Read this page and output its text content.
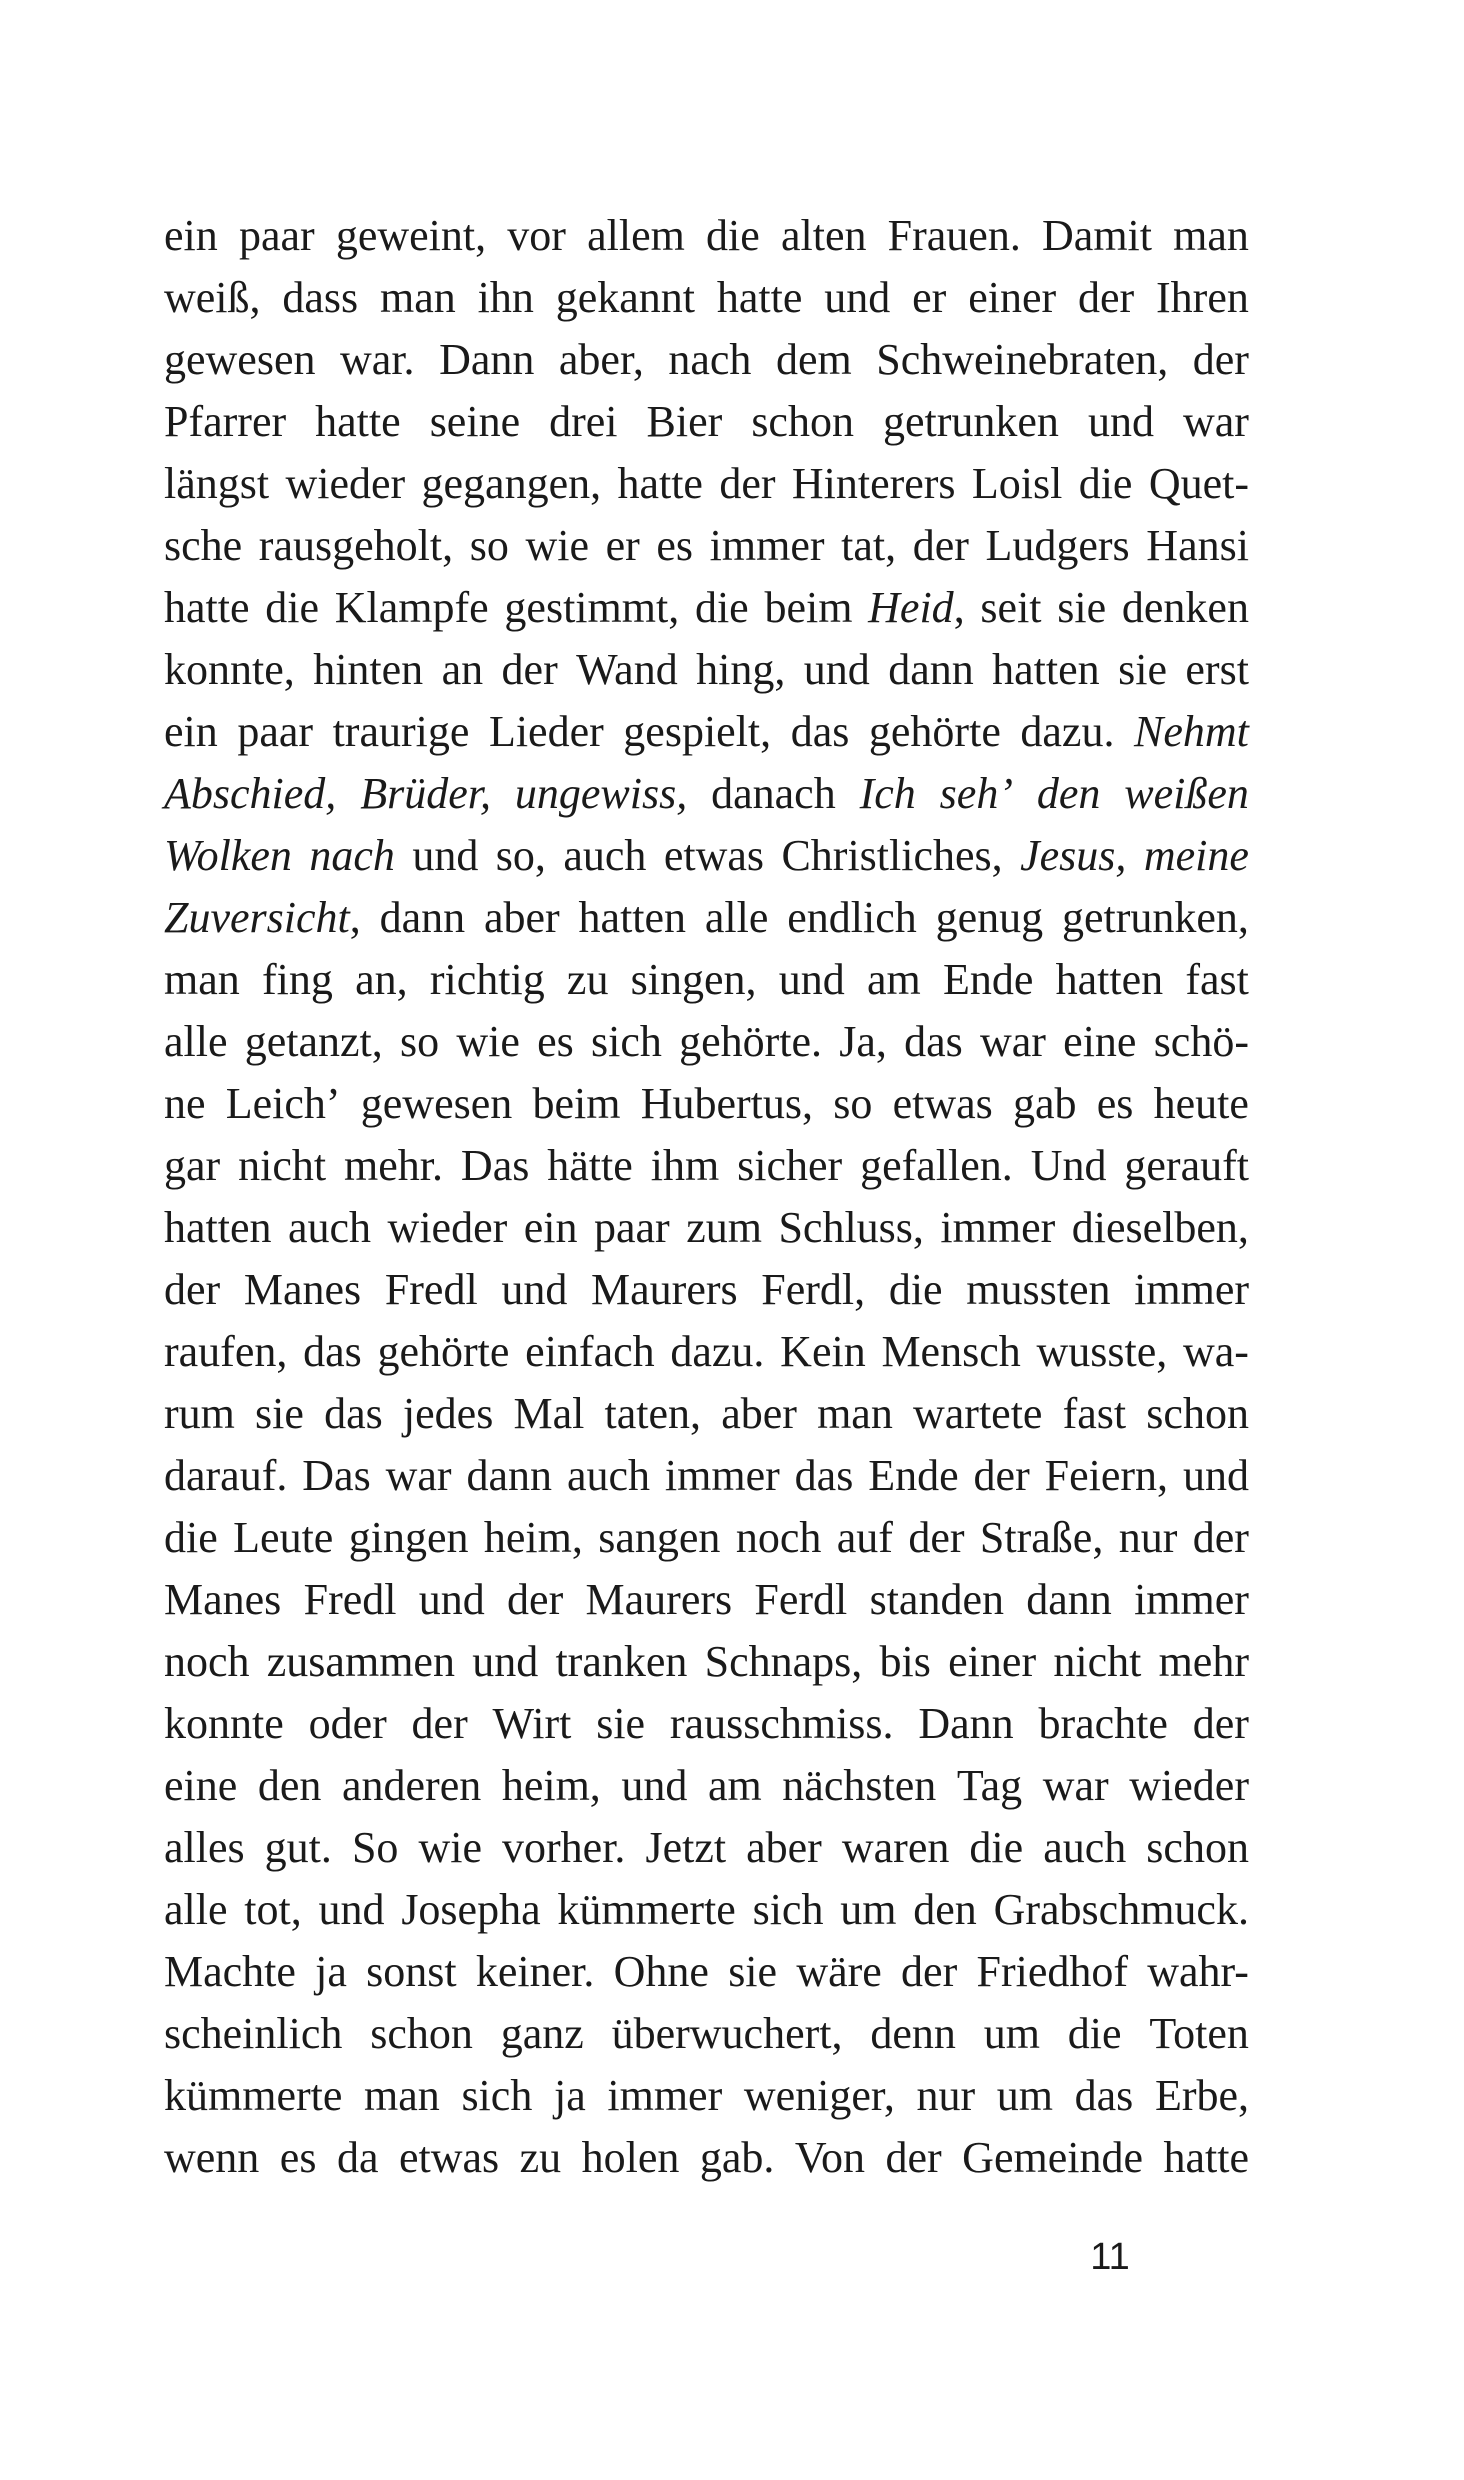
ein paar geweint, vor allem die alten Frauen. Damit man
weiß, dass man ihn gekannt hatte und er einer der Ihren
gewesen war. Dann aber, nach dem Schweinebraten, der
Pfarrer hatte seine drei Bier schon getrunken und war
längst wieder gegangen, hatte der Hinterers Loisl die Quet-
sche rausgeholt, so wie er es immer tat, der Ludgers Hansi
hatte die Klampfe gestimmt, die beim Heid, seit sie denken
konnte, hinten an der Wand hing, und dann hatten sie erst
ein paar traurige Lieder gespielt, das gehörte dazu. Nehmt
Abschied, Brüder, ungewiss, danach Ich seh’ den weißen
Wolken nach und so, auch etwas Christliches, Jesus, meine
Zuversicht, dann aber hatten alle endlich genug getrunken,
man fing an, richtig zu singen, und am Ende hatten fast
alle getanzt, so wie es sich gehörte. Ja, das war eine schö-
ne Leich’ gewesen beim Hubertus, so etwas gab es heute
gar nicht mehr. Das hätte ihm sicher gefallen. Und gerauft
hatten auch wieder ein paar zum Schluss, immer dieselben,
der Manes Fredl und Maurers Ferdl, die mussten immer
raufen, das gehörte einfach dazu. Kein Mensch wusste, wa-
rum sie das jedes Mal taten, aber man wartete fast schon
darauf. Das war dann auch immer das Ende der Feiern, und
die Leute gingen heim, sangen noch auf der Straße, nur der
Manes Fredl und der Maurers Ferdl standen dann immer
noch zusammen und tranken Schnaps, bis einer nicht mehr
konnte oder der Wirt sie rausschmiss. Dann brachte der
eine den anderen heim, und am nächsten Tag war wieder
alles gut. So wie vorher. Jetzt aber waren die auch schon
alle tot, und Josepha kümmerte sich um den Grabschmuck.
Machte ja sonst keiner. Ohne sie wäre der Friedhof wahr-
scheinlich schon ganz überwuchert, denn um die Toten
kümmerte man sich ja immer weniger, nur um das Erbe,
wenn es da etwas zu holen gab. Von der Gemeinde hatte
11
